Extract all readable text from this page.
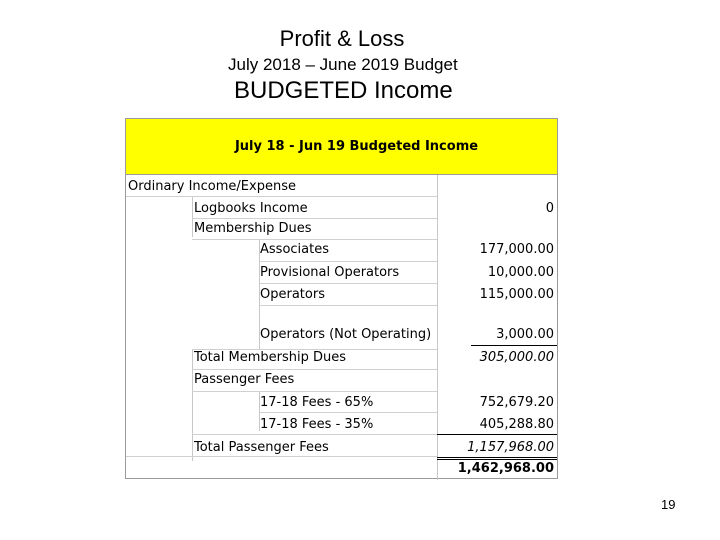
Profit & Loss
July 2018 – June 2019 Budget
BUDGETED Income
July 18 - Jun 19 Budgeted Income
Ordinary Income/Expense
Logbooks Income
Membership Dues
Associates
Provisional Operators
Operators
Operators (Not Operating)
Total Membership Dues
Passenger Fees
17-18 Fees - 65%
17-18 Fees - 35%
Total Passenger Fees
0
177,000.00
10,000.00
115,000.00
3,000.00
305,000.00
752,679.20
405,288.80
1,157,968.00
1,462,968.00
19
